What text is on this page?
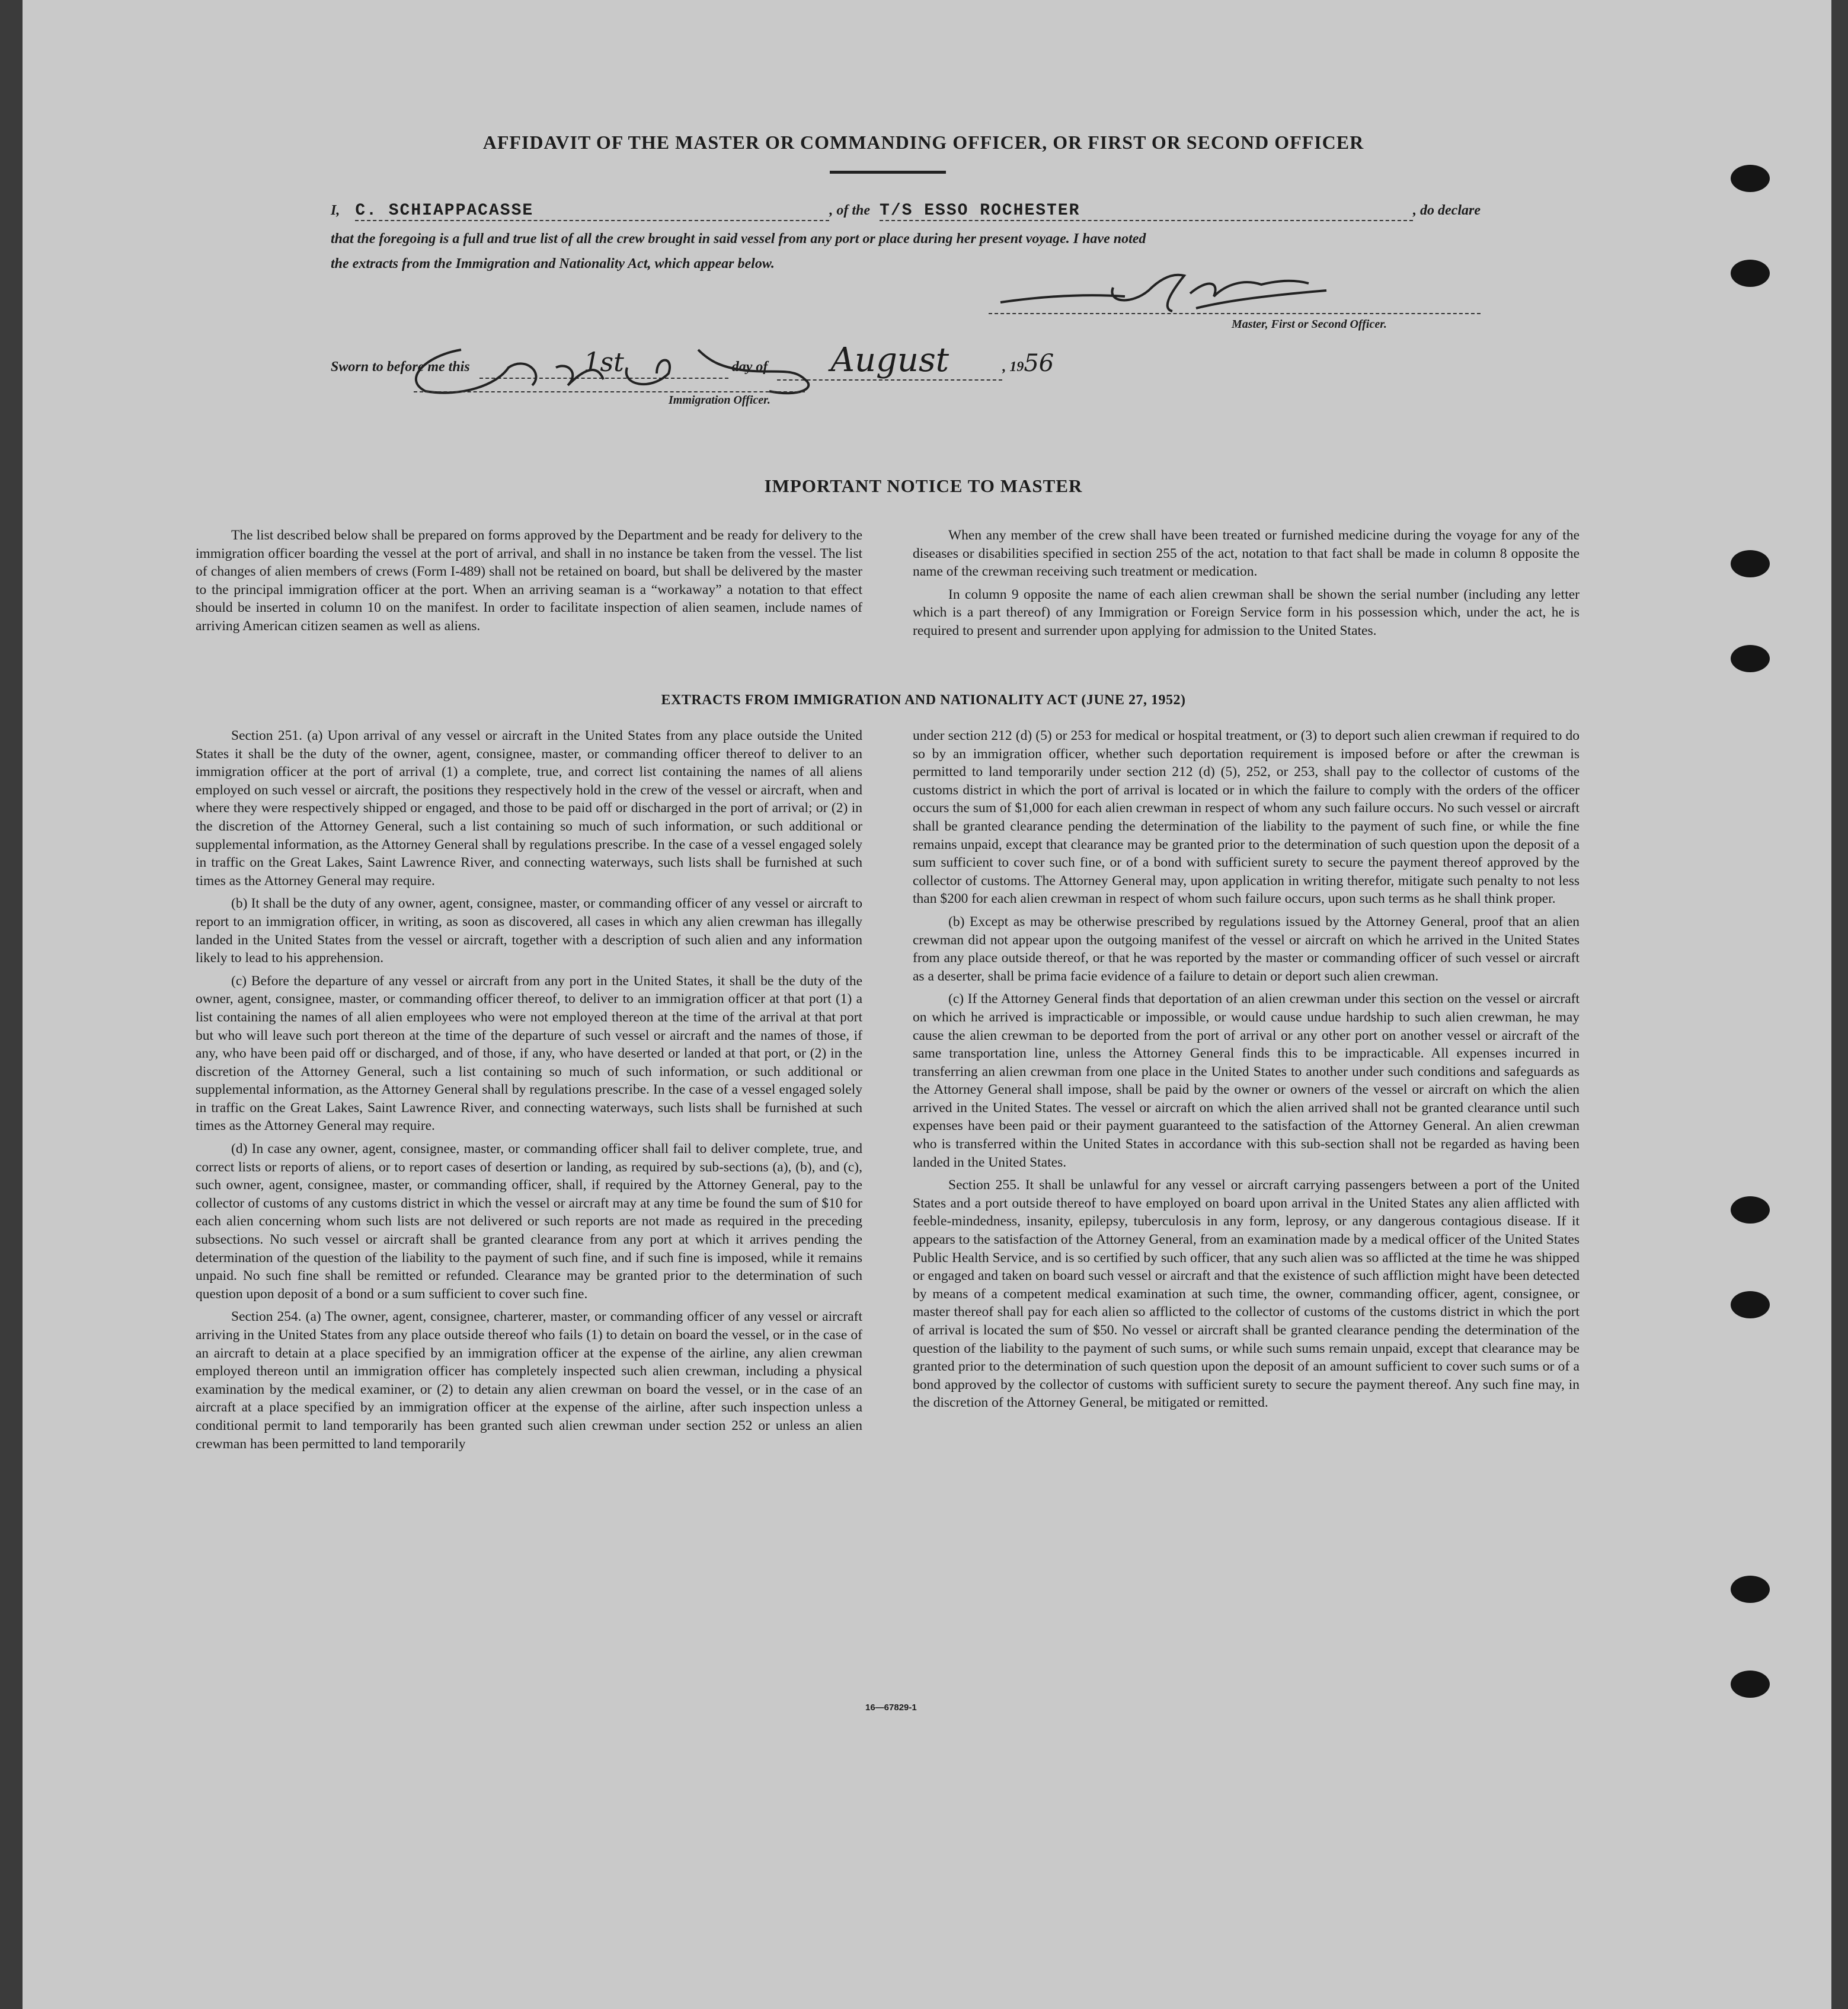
AFFIDAVIT OF THE MASTER OR COMMANDING OFFICER, OR FIRST OR SECOND OFFICER
I, C. SCHIAPPACASSE	, of the T/S ESSO ROCHESTER	, do declare
that the foregoing is a full and true list of all the crew brought in said vessel from any port or place during her present voyage. I have noted
the extracts from the Immigration and Nationality Act, which appear below.
Master, First or Second Officer.
Sworn to before me this	1st	day of August	, 1956
Immigration Officer.
IMPORTANT NOTICE TO MASTER

The list described below shall be prepared on forms approved by the Department and be ready for delivery to the immigration officer boarding the vessel at the port of arrival, and shall in no instance be taken from the vessel. The list of changes of alien members of crews (Form I-489) shall not be retained on board, but shall be delivered by the master to the principal immigration officer at the port. When an arriving seaman is a “workaway” a notation to that effect should be inserted in column 10 on the manifest. In order to facilitate inspection of alien seamen, include names of arriving American citizen seamen as well as aliens.

When any member of the crew shall have been treated or furnished medicine during the voyage for any of the diseases or disabilities specified in section 255 of the act, notation to that fact shall be made in column 8 opposite the name of the crewman receiving such treatment or medication.

In column 9 opposite the name of each alien crewman shall be shown the serial number (including any letter which is a part thereof) of any Immigration or Foreign Service form in his possession which, under the act, he is required to present and surrender upon applying for admission to the United States.

EXTRACTS FROM IMMIGRATION AND NATIONALITY ACT (JUNE 27, 1952)

Section 251. (a) Upon arrival of any vessel or aircraft in the United States from any place outside the United States it shall be the duty of the owner, agent, consignee, master, or commanding officer thereof to deliver to an immigration officer at the port of arrival (1) a complete, true, and correct list containing the names of all aliens employed on such vessel or aircraft, the positions they respectively hold in the crew of the vessel or aircraft, when and where they were respectively shipped or engaged, and those to be paid off or discharged in the port of arrival; or (2) in the discretion of the Attorney General, such a list containing so much of such information, or such additional or supplemental information, as the Attorney General shall by regulations prescribe. In the case of a vessel engaged solely in traffic on the Great Lakes, Saint Lawrence River, and connecting waterways, such lists shall be furnished at such times as the Attorney General may require.

(b) It shall be the duty of any owner, agent, consignee, master, or commanding officer of any vessel or aircraft to report to an immigration officer, in writing, as soon as discovered, all cases in which any alien crewman has illegally landed in the United States from the vessel or aircraft, together with a description of such alien and any information likely to lead to his apprehension.

(c) Before the departure of any vessel or aircraft from any port in the United States, it shall be the duty of the owner, agent, consignee, master, or commanding officer thereof, to deliver to an immigration officer at that port (1) a list containing the names of all alien employees who were not employed thereon at the time of the arrival at that port but who will leave such port thereon at the time of the departure of such vessel or aircraft and the names of those, if any, who have been paid off or discharged, and of those, if any, who have deserted or landed at that port, or (2) in the discretion of the Attorney General, such a list containing so much of such information, or such additional or supplemental information, as the Attorney General shall by regulations prescribe. In the case of a vessel engaged solely in traffic on the Great Lakes, Saint Lawrence River, and connecting waterways, such lists shall be furnished at such times as the Attorney General may require.

(d) In case any owner, agent, consignee, master, or commanding officer shall fail to deliver complete, true, and correct lists or reports of aliens, or to report cases of desertion or landing, as required by sub-sections (a), (b), and (c), such owner, agent, consignee, master, or commanding officer, shall, if required by the Attorney General, pay to the collector of customs of any customs district in which the vessel or aircraft may at any time be found the sum of $10 for each alien concerning whom such lists are not delivered or such reports are not made as required in the preceding subsections. No such vessel or aircraft shall be granted clearance from any port at which it arrives pending the determination of the question of the liability to the payment of such fine, and if such fine is imposed, while it remains unpaid. No such fine shall be remitted or refunded. Clearance may be granted prior to the determination of such question upon deposit of a bond or a sum sufficient to cover such fine.

Section 254. (a) The owner, agent, consignee, charterer, master, or commanding officer of any vessel or aircraft arriving in the United States from any place outside thereof who fails (1) to detain on board the vessel, or in the case of an aircraft to detain at a place specified by an immigration officer at the expense of the airline, any alien crewman employed thereon until an immigration officer has completely inspected such alien crewman, including a physical examination by the medical examiner, or (2) to detain any alien crewman on board the vessel, or in the case of an aircraft at a place specified by an immigration officer at the expense of the airline, after such inspection unless a conditional permit to land temporarily has been granted such alien crewman under section 252 or unless an alien crewman has been permitted to land temporarily

under section 212 (d) (5) or 253 for medical or hospital treatment, or (3) to deport such alien crewman if required to do so by an immigration officer, whether such deportation requirement is imposed before or after the crewman is permitted to land temporarily under section 212 (d) (5), 252, or 253, shall pay to the collector of customs of the customs district in which the port of arrival is located or in which the failure to comply with the orders of the officer occurs the sum of $1,000 for each alien crewman in respect of whom any such failure occurs. No such vessel or aircraft shall be granted clearance pending the determination of the liability to the payment of such fine, or while the fine remains unpaid, except that clearance may be granted prior to the determination of such question upon the deposit of a sum sufficient to cover such fine, or of a bond with sufficient surety to secure the payment thereof approved by the collector of customs. The Attorney General may, upon application in writing therefor, mitigate such penalty to not less than $200 for each alien crewman in respect of whom such failure occurs, upon such terms as he shall think proper.

(b) Except as may be otherwise prescribed by regulations issued by the Attorney General, proof that an alien crewman did not appear upon the outgoing manifest of the vessel or aircraft on which he arrived in the United States from any place outside thereof, or that he was reported by the master or commanding officer of such vessel or aircraft as a deserter, shall be prima facie evidence of a failure to detain or deport such alien crewman.

(c) If the Attorney General finds that deportation of an alien crewman under this section on the vessel or aircraft on which he arrived is impracticable or impossible, or would cause undue hardship to such alien crewman, he may cause the alien crewman to be deported from the port of arrival or any other port on another vessel or aircraft of the same transportation line, unless the Attorney General finds this to be impracticable. All expenses incurred in transferring an alien crewman from one place in the United States to another under such conditions and safeguards as the Attorney General shall impose, shall be paid by the owner or owners of the vessel or aircraft on which the alien arrived in the United States. The vessel or aircraft on which the alien arrived shall not be granted clearance until such expenses have been paid or their payment guaranteed to the satisfaction of the Attorney General. An alien crewman who is transferred within the United States in accordance with this sub-section shall not be regarded as having been landed in the United States.

Section 255. It shall be unlawful for any vessel or aircraft carrying passengers between a port of the United States and a port outside thereof to have employed on board upon arrival in the United States any alien afflicted with feeble-mindedness, insanity, epilepsy, tuberculosis in any form, leprosy, or any dangerous contagious disease. If it appears to the satisfaction of the Attorney General, from an examination made by a medical officer of the United States Public Health Service, and is so certified by such officer, that any such alien was so afflicted at the time he was shipped or engaged and taken on board such vessel or aircraft and that the existence of such affliction might have been detected by means of a competent medical examination at such time, the owner, commanding officer, agent, consignee, or master thereof shall pay for each alien so afflicted to the collector of customs of the customs district in which the port of arrival is located the sum of $50. No vessel or aircraft shall be granted clearance pending the determination of the question of the liability to the payment of such sums, or while such sums remain unpaid, except that clearance may be granted prior to the determination of such question upon the deposit of an amount sufficient to cover such sums or of a bond approved by the collector of customs with sufficient surety to secure the payment thereof. Any such fine may, in the discretion of the Attorney General, be mitigated or remitted.

16—67829-1
